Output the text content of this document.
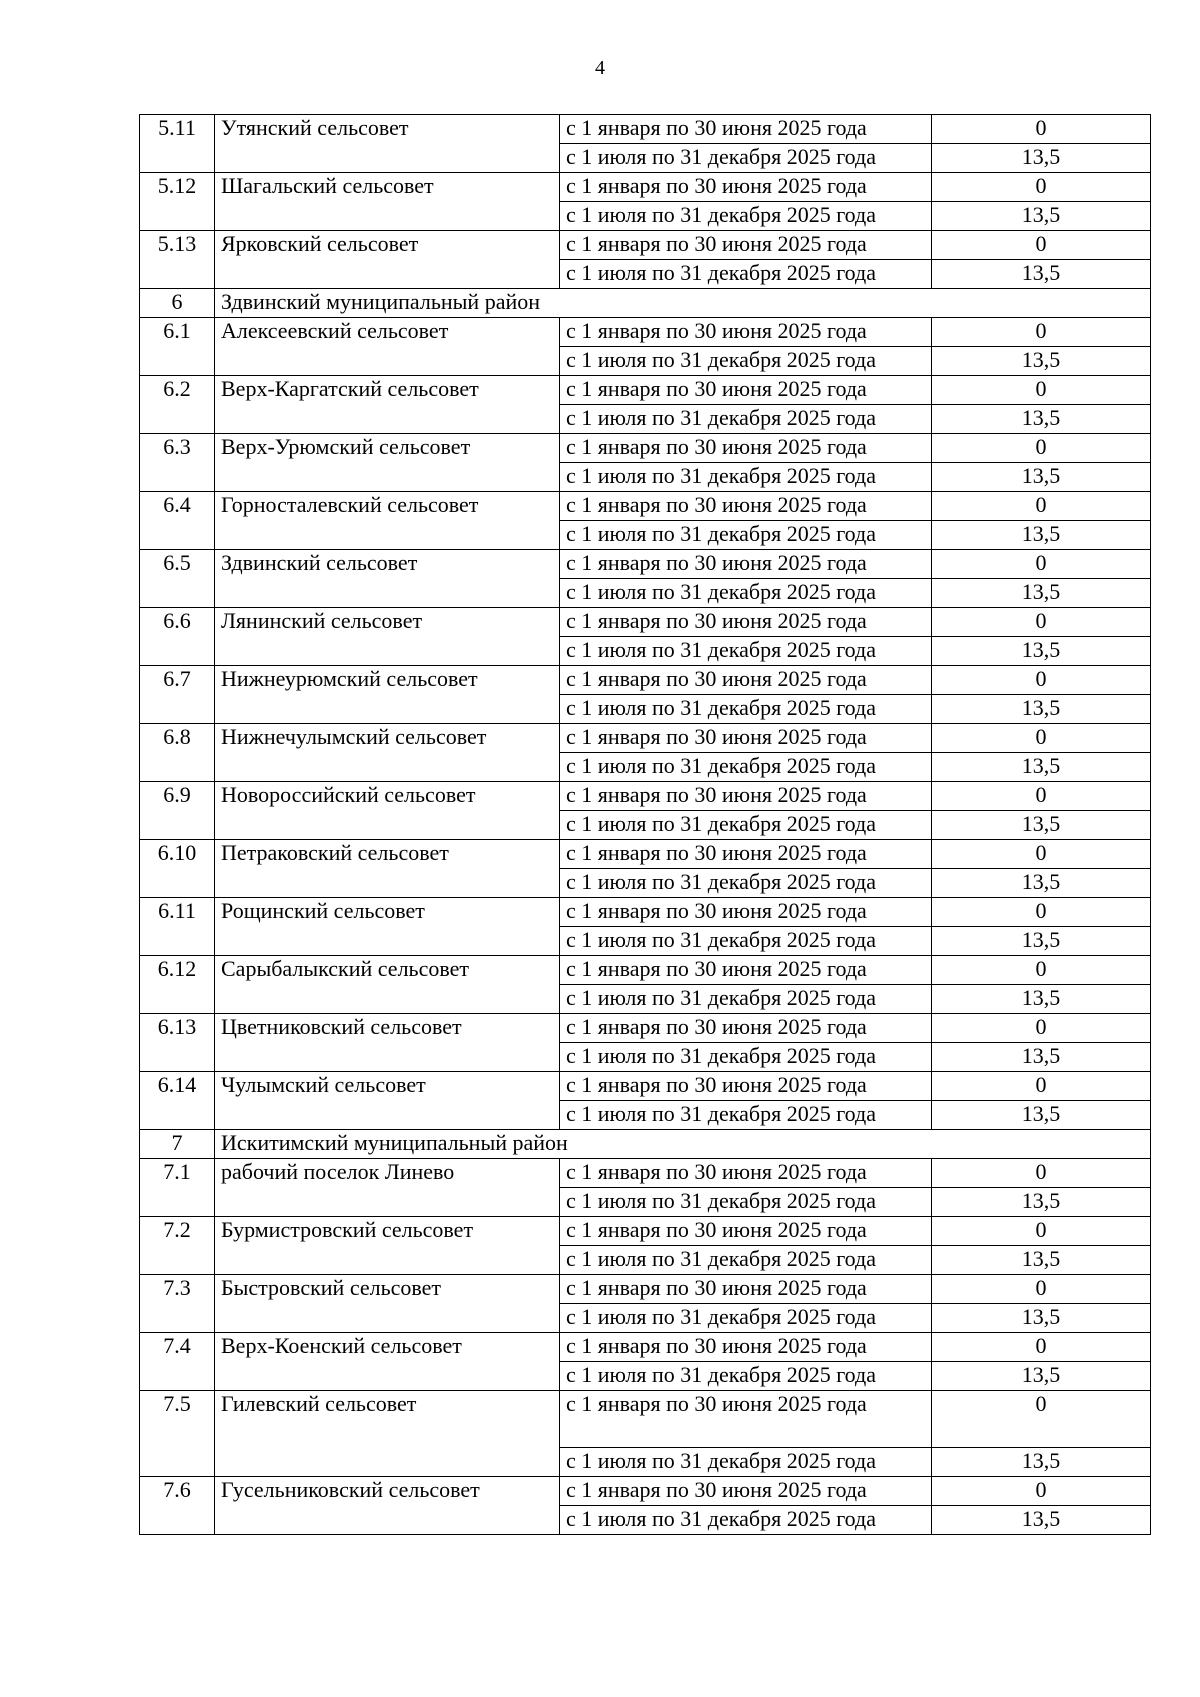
4
5.11	Утянский сельсовет	с 1 января по 30 июня 2025 года	0
		с 1 июля по 31 декабря 2025 года	13,5
5.12	Шагальский сельсовет	с 1 января по 30 июня 2025 года	0
		с 1 июля по 31 декабря 2025 года	13,5
5.13	Ярковский сельсовет	с 1 января по 30 июня 2025 года	0
		с 1 июля по 31 декабря 2025 года	13,5
6	Здвинский муниципальный район		
6.1	Алексеевский сельсовет	с 1 января по 30 июня 2025 года	0
		с 1 июля по 31 декабря 2025 года	13,5
6.2	Верх-Каргатский сельсовет	с 1 января по 30 июня 2025 года	0
		с 1 июля по 31 декабря 2025 года	13,5
6.3	Верх-Урюмский сельсовет	с 1 января по 30 июня 2025 года	0
		с 1 июля по 31 декабря 2025 года	13,5
6.4	Горносталевский сельсовет	с 1 января по 30 июня 2025 года	0
		с 1 июля по 31 декабря 2025 года	13,5
6.5	Здвинский сельсовет	с 1 января по 30 июня 2025 года	0
		с 1 июля по 31 декабря 2025 года	13,5
6.6	Лянинский сельсовет	с 1 января по 30 июня 2025 года	0
		с 1 июля по 31 декабря 2025 года	13,5
6.7	Нижнеурюмский сельсовет	с 1 января по 30 июня 2025 года	0
		с 1 июля по 31 декабря 2025 года	13,5
6.8	Нижнечулымский сельсовет	с 1 января по 30 июня 2025 года	0
		с 1 июля по 31 декабря 2025 года	13,5
6.9	Новороссийский сельсовет	с 1 января по 30 июня 2025 года	0
		с 1 июля по 31 декабря 2025 года	13,5
6.10	Петраковский сельсовет	с 1 января по 30 июня 2025 года	0
		с 1 июля по 31 декабря 2025 года	13,5
6.11	Рощинский сельсовет	с 1 января по 30 июня 2025 года	0
		с 1 июля по 31 декабря 2025 года	13,5
6.12	Сарыбалыкский сельсовет	с 1 января по 30 июня 2025 года	0
		с 1 июля по 31 декабря 2025 года	13,5
6.13	Цветниковский сельсовет	с 1 января по 30 июня 2025 года	0
		с 1 июля по 31 декабря 2025 года	13,5
6.14	Чулымский сельсовет	с 1 января по 30 июня 2025 года	0
		с 1 июля по 31 декабря 2025 года	13,5
7	Искитимский муниципальный район		
7.1	рабочий поселок Линево	с 1 января по 30 июня 2025 года	0
		с 1 июля по 31 декабря 2025 года	13,5
7.2	Бурмистровский сельсовет	с 1 января по 30 июня 2025 года	0
		с 1 июля по 31 декабря 2025 года	13,5
7.3	Быстровский сельсовет	с 1 января по 30 июня 2025 года	0
		с 1 июля по 31 декабря 2025 года	13,5
7.4	Верх-Коенский сельсовет	с 1 января по 30 июня 2025 года	0
		с 1 июля по 31 декабря 2025 года	13,5
7.5	Гилевский сельсовет	с 1 января по 30 июня 2025 года	0
		с 1 июля по 31 декабря 2025 года	13,5
7.6	Гусельниковский сельсовет	с 1 января по 30 июня 2025 года	0
		с 1 июля по 31 декабря 2025 года	13,5
